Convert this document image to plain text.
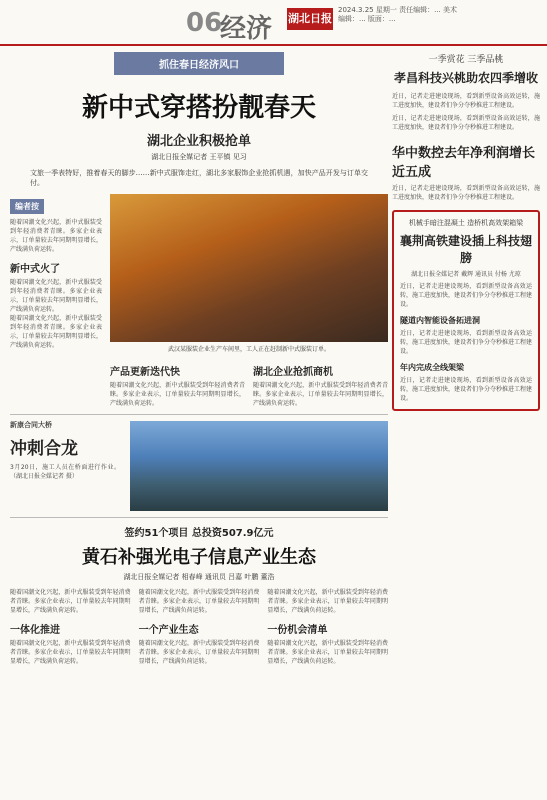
06
经济 湖北日报
2024.3.25 星期一 责任编辑：... 美术编辑：... 版面：...
抓住春日经济风口
新中式穿搭扮靓春天
湖北企业积极抢单
湖北日报全媒记者 王平镇 见习
文旅一季表特好，推着春天的脚步……新中式服饰走红，湖北多家服饰企业抢抓机遇，加快产品开发与订单交付。
编者按
随着国潮文化兴起，新中式服装受到年轻消费者青睐。多家企业表示，订单量较去年同期明显增长，产线满负荷运转。
新中式火了
随着国潮文化兴起，新中式服装受到年轻消费者青睐。多家企业表示，订单量较去年同期明显增长，产线满负荷运转。
随着国潮文化兴起，新中式服装受到年轻消费者青睐。多家企业表示，订单量较去年同期明显增长，产线满负荷运转。
武汉某服装企业生产车间里，工人正在赶制新中式服装订单。
产品更新迭代快
随着国潮文化兴起，新中式服装受到年轻消费者青睐。多家企业表示，订单量较去年同期明显增长，产线满负荷运转。
湖北企业抢抓商机
随着国潮文化兴起，新中式服装受到年轻消费者青睐。多家企业表示，订单量较去年同期明显增长，产线满负荷运转。
新康合同大桥
冲刺合龙
3月20日，施工人员在桥面进行作业。（湖北日报全媒记者 摄）
签约51个项目 总投资507.9亿元
黄石补强光电子信息产业生态
湖北日报全媒记者 相春峰 通讯员 吕嘉 叶鹏 董浩
随着国潮文化兴起，新中式服装受到年轻消费者青睐。多家企业表示，订单量较去年同期明显增长，产线满负荷运转。
一体化推进
随着国潮文化兴起，新中式服装受到年轻消费者青睐。多家企业表示，订单量较去年同期明显增长，产线满负荷运转。
随着国潮文化兴起，新中式服装受到年轻消费者青睐。多家企业表示，订单量较去年同期明显增长，产线满负荷运转。
一个产业生态
随着国潮文化兴起，新中式服装受到年轻消费者青睐。多家企业表示，订单量较去年同期明显增长，产线满负荷运转。
随着国潮文化兴起，新中式服装受到年轻消费者青睐。多家企业表示，订单量较去年同期明显增长，产线满负荷运转。
一份机会清单
随着国潮文化兴起，新中式服装受到年轻消费者青睐。多家企业表示，订单量较去年同期明显增长，产线满负荷运转。
一季赏花 三季品桃
孝昌科技兴桃助农四季增收
近日，记者走进建设现场，看到新型设备高效运转，施工进度加快，建设者们争分夺秒推进工程建设。
近日，记者走进建设现场，看到新型设备高效运转，施工进度加快，建设者们争分夺秒推进工程建设。
华中数控去年净利润增长近五成
近日，记者走进建设现场，看到新型设备高效运转，施工进度加快，建设者们争分夺秒推进工程建设。
机械手暗注混凝土 造桥机高效架箱梁
襄荆高铁建设插上科技翅膀
湖北日报全媒记者 戴辉 通讯员 付杨 尤琼
近日，记者走进建设现场，看到新型设备高效运转，施工进度加快，建设者们争分夺秒推进工程建设。
隧道内智能设备拓进洞
近日，记者走进建设现场，看到新型设备高效运转，施工进度加快，建设者们争分夺秒推进工程建设。
年内完成全线架梁
近日，记者走进建设现场，看到新型设备高效运转，施工进度加快，建设者们争分夺秒推进工程建设。
